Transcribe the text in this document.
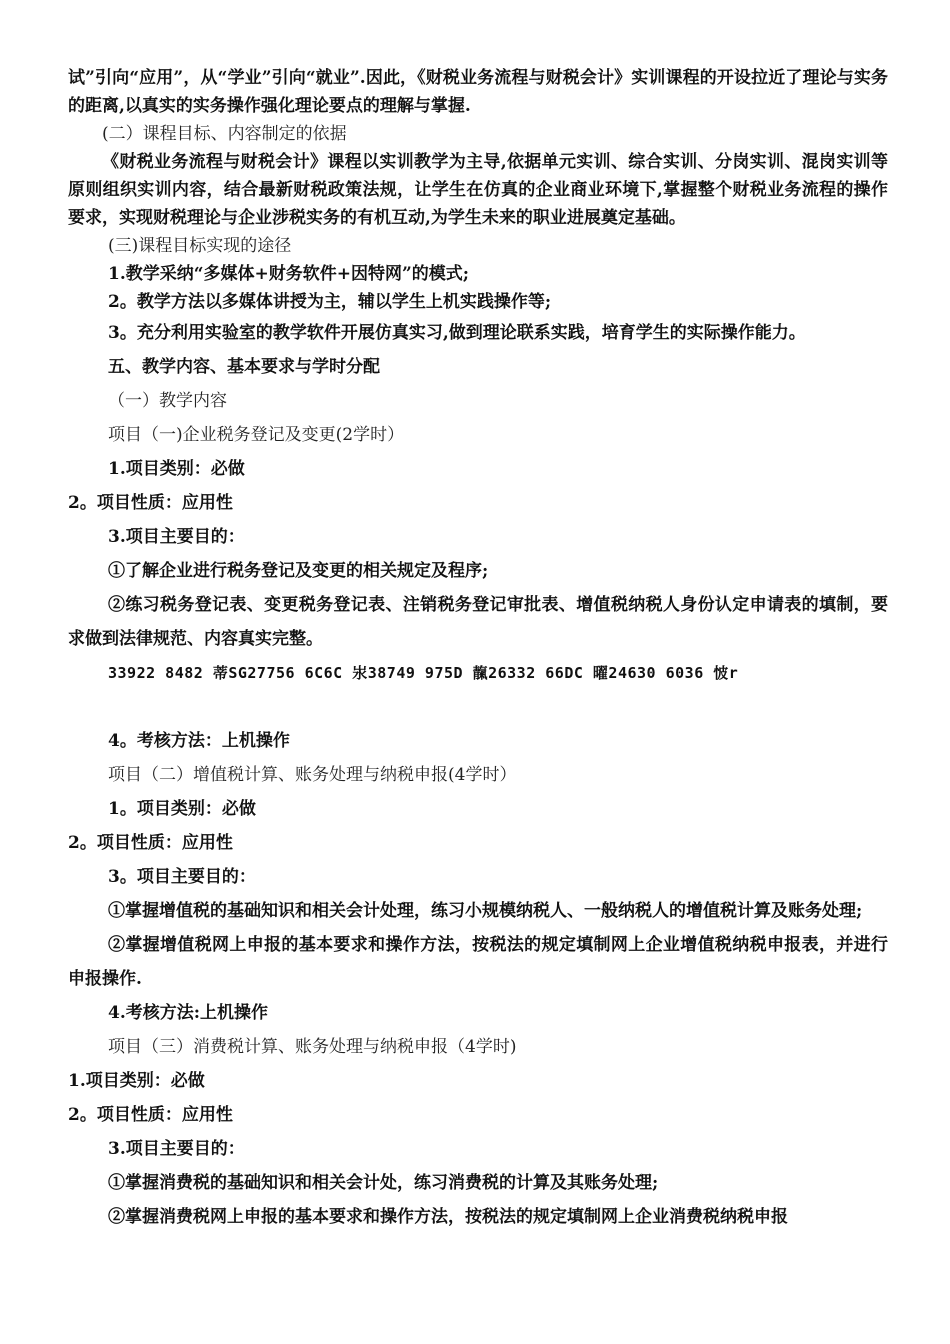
试”引向“应用”，从“学业”引向“就业”.因此，《财税业务流程与财税会计》实训课程的开设拉近了理论与实务的距离,以真实的实务操作强化理论要点的理解与掌握.

(二）课程目标、内容制定的依据

《财税业务流程与财税会计》课程以实训教学为主导,依据单元实训、综合实训、分岗实训、混岗实训等原则组织实训内容，结合最新财税政策法规，让学生在仿真的企业商业环境下,掌握整个财税业务流程的操作要求，实现财税理论与企业涉税实务的有机互动,为学生未来的职业进展奠定基础。

(三)课程目标实现的途径

1.教学采纳“多媒体+财务软件+因特网”的模式;

2。教学方法以多媒体讲授为主，辅以学生上机实践操作等;

3。充分利用实验室的教学软件开展仿真实习,做到理论联系实践，培育学生的实际操作能力。

五、教学内容、基本要求与学时分配

（一）教学内容

项目（一)企业税务登记及变更(2学时）

1.项目类别：必做

2。项目性质：应用性

3.项目主要目的：

①了解企业进行税务登记及变更的相关规定及程序;

②练习税务登记表、变更税务登记表、注销税务登记审批表、增值税纳税人身份认定申请表的填制，要求做到法律规范、内容真实完整。

33922 8482 蒂SG27756 6C6C 汖38749 975D 靝26332 66DC 曜24630 6036 怶r

4。考核方法：上机操作

项目（二）增值税计算、账务处理与纳税申报(4学时）

1。项目类别：必做

2。项目性质：应用性

3。项目主要目的：

①掌握增值税的基础知识和相关会计处理，练习小规模纳税人、一般纳税人的增值税计算及账务处理;

②掌握增值税网上申报的基本要求和操作方法，按税法的规定填制网上企业增值税纳税申报表，并进行申报操作.

4.考核方法:上机操作

项目（三）消费税计算、账务处理与纳税申报（4学时)

1.项目类别：必做

2。项目性质：应用性

3.项目主要目的：

①掌握消费税的基础知识和相关会计处，练习消费税的计算及其账务处理;

②掌握消费税网上申报的基本要求和操作方法，按税法的规定填制网上企业消费税纳税申报
